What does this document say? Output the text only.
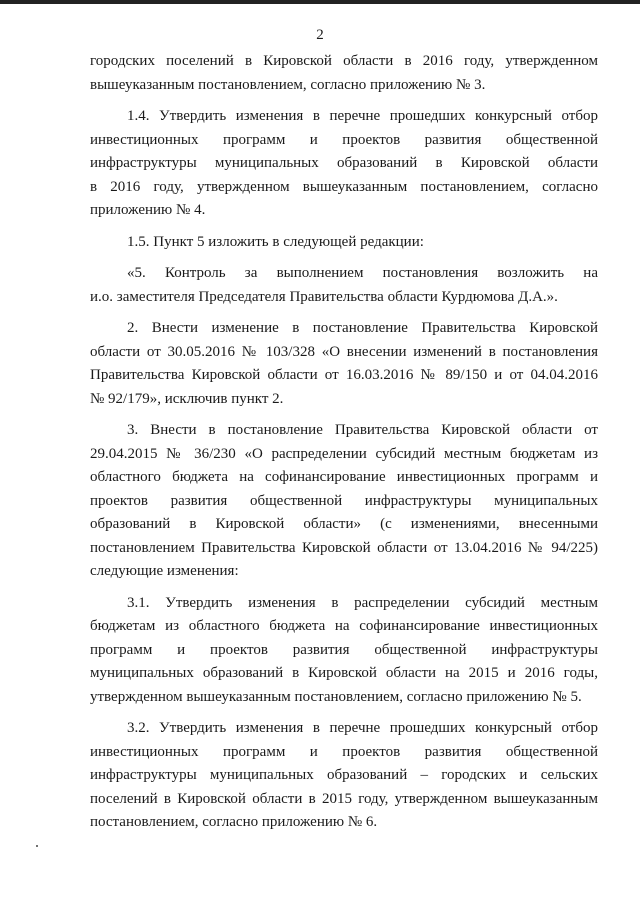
2
городских поселений в Кировской области в 2016 году, утвержденном
вышеуказанным постановлением, согласно приложению № 3.
1.4. Утвердить изменения в перечне прошедших конкурсный отбор
инвестиционных программ и проектов развития общественной
инфраструктуры муниципальных образований в Кировской области
в 2016 году, утвержденном вышеуказанным постановлением, согласно
приложению № 4.
1.5. Пункт 5 изложить в следующей редакции:
«5. Контроль за выполнением постановления возложить на
и.о. заместителя Председателя Правительства области Курдюмова Д.А.».
2. Внести изменение в постановление Правительства Кировской
области от 30.05.2016 № 103/328 «О внесении изменений в постановления
Правительства Кировской области от 16.03.2016 № 89/150 и от 04.04.2016
№ 92/179», исключив пункт 2.
3. Внести в постановление Правительства Кировской области от
29.04.2015 № 36/230 «О распределении субсидий местным бюджетам из
областного бюджета на софинансирование инвестиционных программ и
проектов развития общественной инфраструктуры муниципальных
образований в Кировской области» (с изменениями, внесенными
постановлением Правительства Кировской области от 13.04.2016 № 94/225)
следующие изменения:
3.1. Утвердить изменения в распределении субсидий местным
бюджетам из областного бюджета на софинансирование инвестиционных
программ и проектов развития общественной инфраструктуры
муниципальных образований в Кировской области на 2015 и 2016 годы,
утвержденном вышеуказанным постановлением, согласно приложению № 5.
3.2. Утвердить изменения в перечне прошедших конкурсный отбор
инвестиционных программ и проектов развития общественной
инфраструктуры муниципальных образований – городских и сельских
поселений в Кировской области в 2015 году, утвержденном вышеуказанным
постановлением, согласно приложению № 6.
